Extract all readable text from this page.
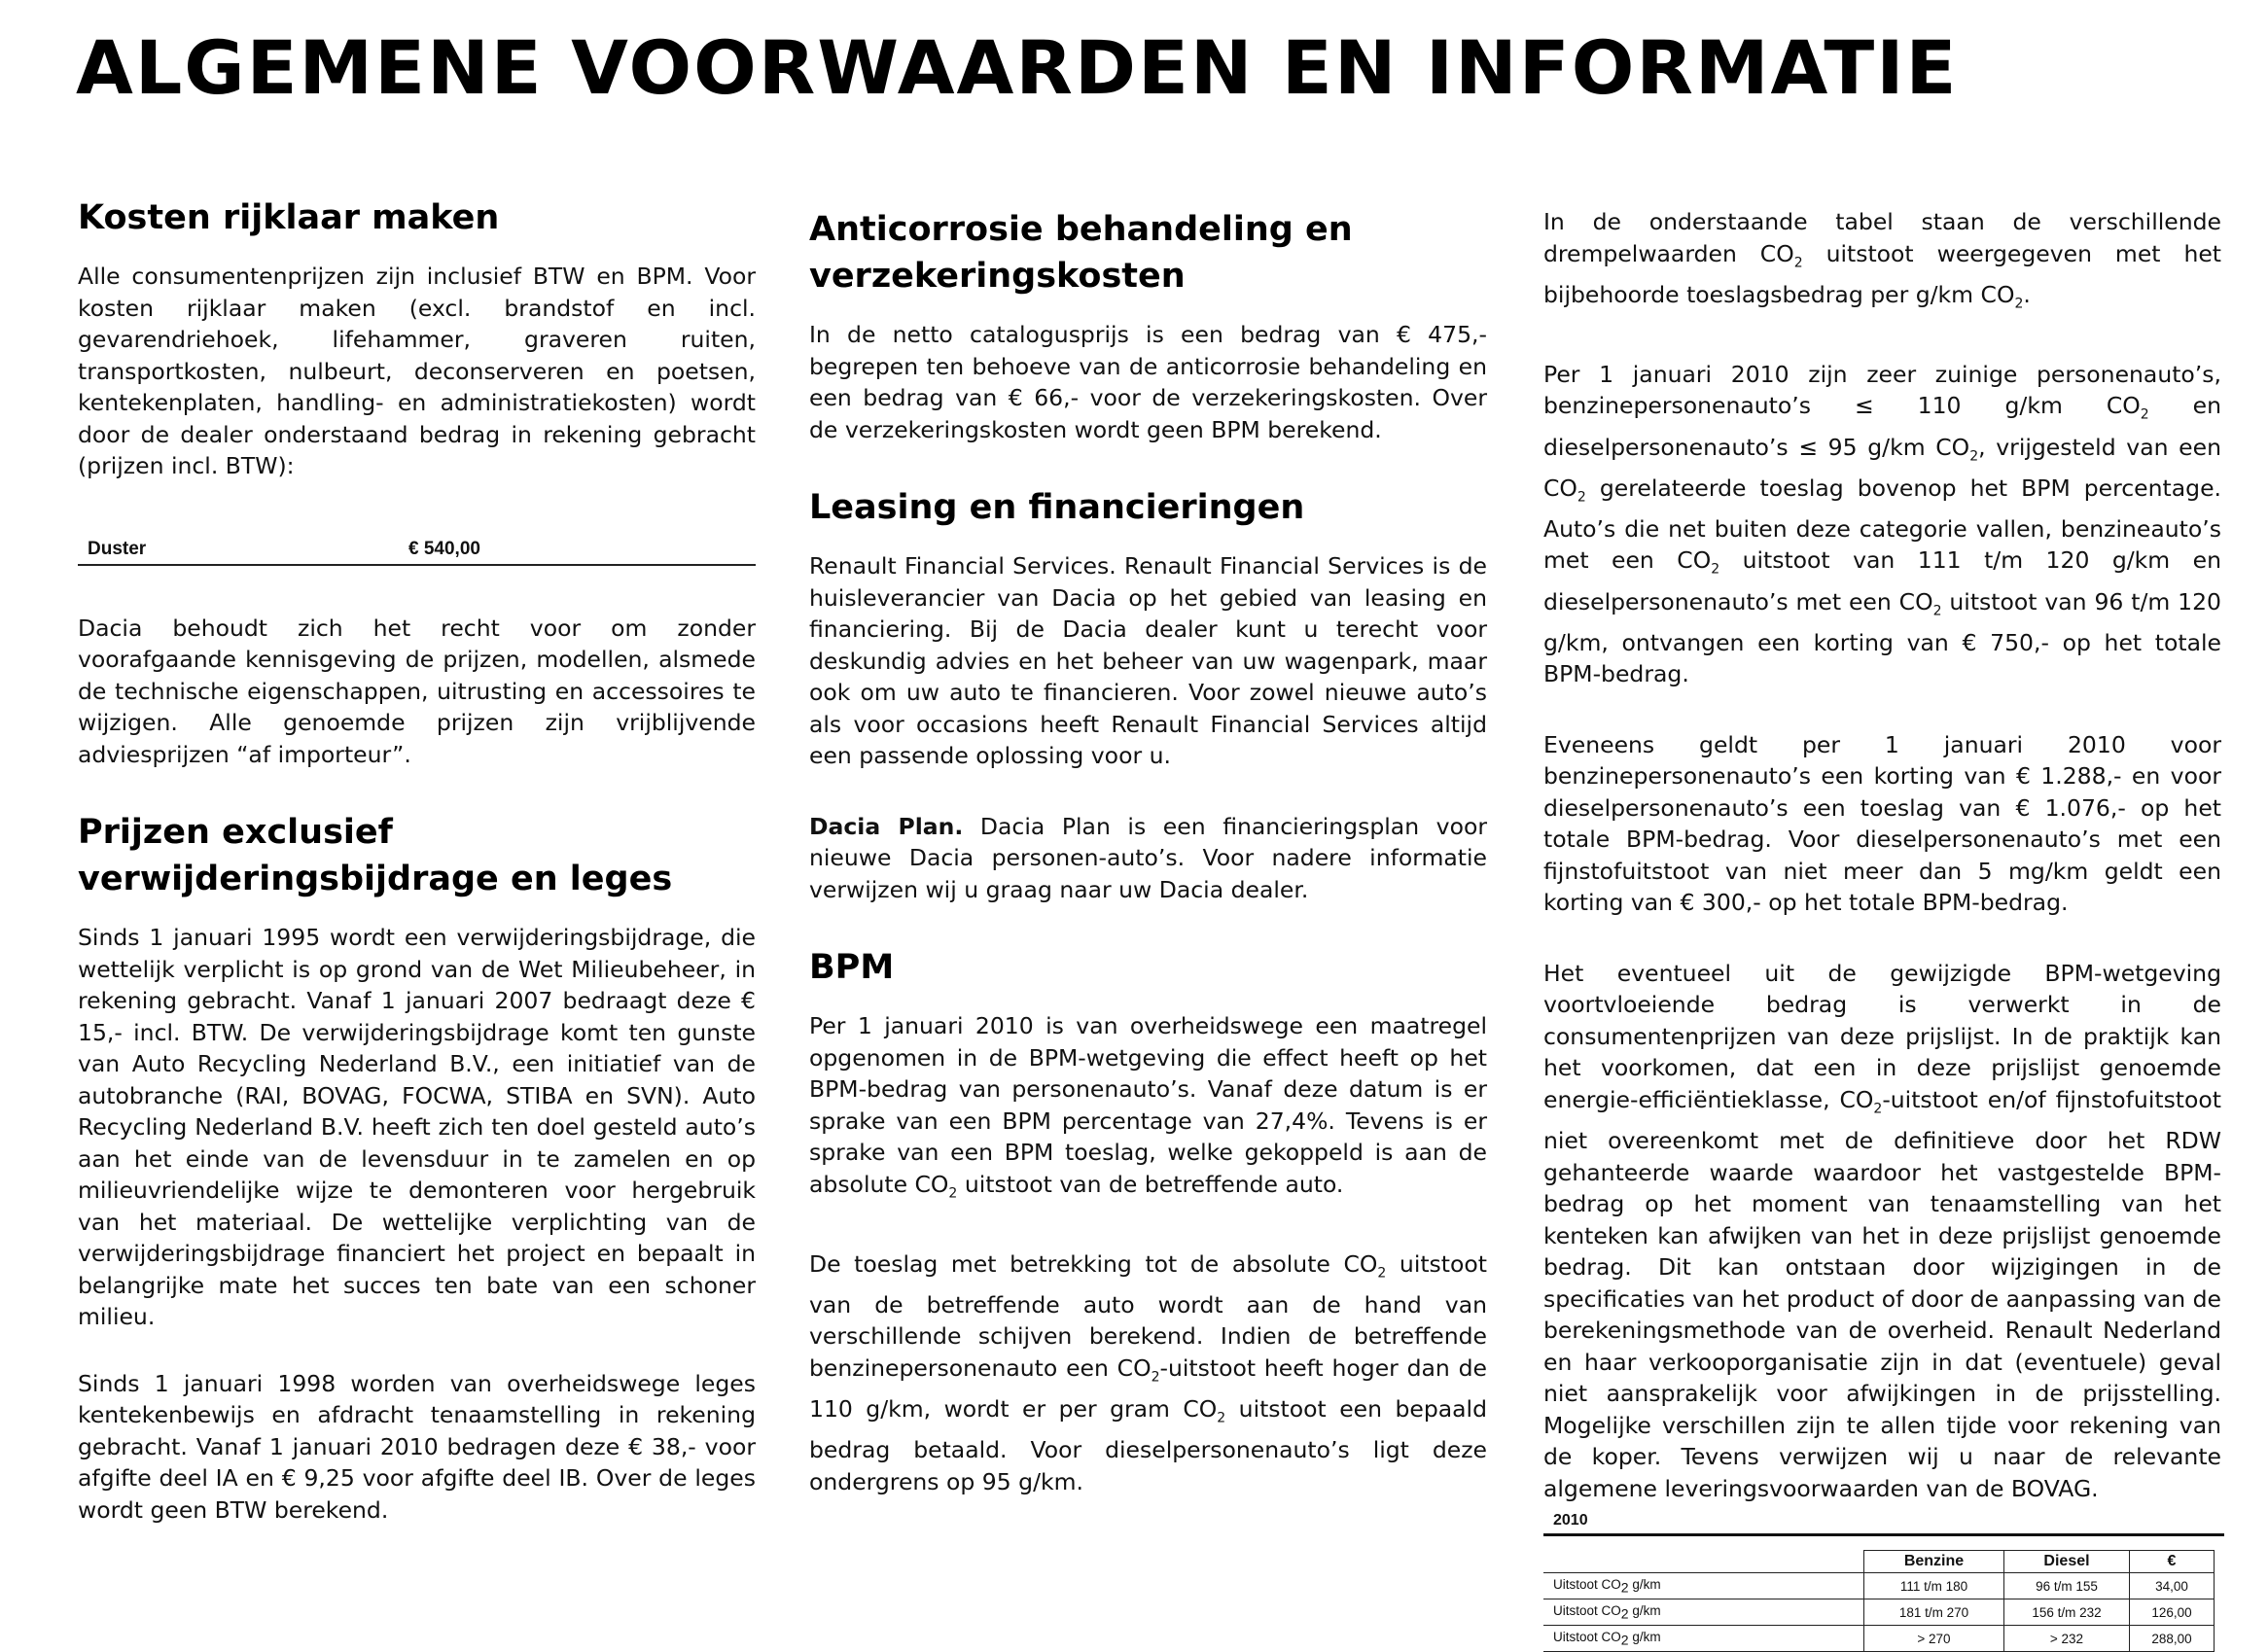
ALGEMENE VOORWAARDEN EN INFORMATIE
Kosten rijklaar maken

Alle consumentenprijzen zijn inclusief BTW en BPM. Voor kosten rijklaar maken (excl. brandstof en incl. gevarendriehoek, lifehammer, graveren ruiten, transportkosten, nulbeurt, deconserveren en poetsen, kentekenplaten, handling- en administratiekosten) wordt door de dealer onderstaand bedrag in rekening gebracht (prijzen incl. BTW):

Duster	€ 540,00

Dacia behoudt zich het recht voor om zonder voorafgaande kennisgeving de prijzen, modellen, alsmede de technische eigenschappen, uitrusting en accessoires te wijzigen. Alle genoemde prijzen zijn vrijblijvende adviesprijzen “af importeur”.

Prijzen exclusief verwijderingsbijdrage en leges

Sinds 1 januari 1995 wordt een verwijderingsbijdrage, die wettelijk verplicht is op grond van de Wet Milieubeheer, in rekening gebracht. Vanaf 1 januari 2007 bedraagt deze € 15,- incl. BTW. De verwijderingsbijdrage komt ten gunste van Auto Recycling Nederland B.V., een initiatief van de autobranche (RAI, BOVAG, FOCWA, STIBA en SVN). Auto Recycling Nederland B.V. heeft zich ten doel gesteld auto’s aan het einde van de levensduur in te zamelen en op milieuvriendelijke wijze te demonteren voor hergebruik van het materiaal. De wettelijke verplichting van de verwijderingsbijdrage financiert het project en bepaalt in belangrijke mate het succes ten bate van een schoner milieu.

Sinds 1 januari 1998 worden van overheidswege leges kentekenbewijs en afdracht tenaamstelling in rekening gebracht. Vanaf 1 januari 2010 bedragen deze € 38,- voor afgifte deel IA en € 9,25 voor afgifte deel IB. Over de leges wordt geen BTW berekend.

Anticorrosie behandeling en verzekeringskosten

In de netto catalogusprijs is een bedrag van € 475,- begrepen ten behoeve van de anticorrosie behandeling en een bedrag van € 66,- voor de verzekeringskosten. Over de verzekeringskosten wordt geen BPM berekend.

Leasing en financieringen

Renault Financial Services. Renault Financial Services is de huisleverancier van Dacia op het gebied van leasing en financiering. Bij de Dacia dealer kunt u terecht voor deskundig advies en het beheer van uw wagenpark, maar ook om uw auto te financieren. Voor zowel nieuwe auto’s als voor occasions heeft Renault Financial Services altijd een passende oplossing voor u.

Dacia Plan. Dacia Plan is een financieringsplan voor nieuwe Dacia personen-auto’s. Voor nadere informatie verwijzen wij u graag naar uw Dacia dealer.

BPM

Per 1 januari 2010 is van overheidswege een maatregel opgenomen in de BPM-wetgeving die effect heeft op het BPM-bedrag van personenauto’s. Vanaf deze datum is er sprake van een BPM percentage van 27,4%. Tevens is er sprake van een BPM toeslag, welke gekoppeld is aan de absolute $CO_2$ uitstoot van de betreffende auto.

De toeslag met betrekking tot de absolute $CO_2$ uitstoot van de betreffende auto wordt aan de hand van verschillende schijven berekend. Indien de betreffende benzinepersonenauto een $CO_2$-uitstoot heeft hoger dan de 110 g/km, wordt er per gram $CO_2$ uitstoot een bepaald bedrag betaald. Voor dieselpersonenauto’s ligt deze ondergrens op 95 g/km.

In de onderstaande tabel staan de verschillende drempelwaarden $CO_2$ uitstoot weergegeven met het bijbehoorde toeslagsbedrag per g/km $CO_2$.

Per 1 januari 2010 zijn zeer zuinige personenauto’s, benzinepersonenauto’s ≤ 110 g/km $CO_2$ en dieselpersonenauto’s ≤ 95 g/km $CO_2$, vrijgesteld van een $CO_2$ gerelateerde toeslag bovenop het BPM percentage. Auto’s die net buiten deze categorie vallen, benzineauto’s met een $CO_2$ uitstoot van 111 t/m 120 g/km en dieselpersonenauto’s met een $CO_2$ uitstoot van 96 t/m 120 g/km, ontvangen een korting van € 750,- op het totale BPM-bedrag.

Eveneens geldt per 1 januari 2010 voor benzinepersonenauto’s een korting van € 1.288,- en voor dieselpersonenauto’s een toeslag van € 1.076,- op het totale BPM-bedrag. Voor dieselpersonenauto’s met een fijnstofuitstoot van niet meer dan 5 mg/km geldt een korting van € 300,- op het totale BPM-bedrag.

Het eventueel uit de gewijzigde BPM-wetgeving voortvloeiende bedrag is verwerkt in de consumentenprijzen van deze prijslijst. In de praktijk kan het voorkomen, dat een in deze prijslijst genoemde energie-efficiëntieklasse, $CO_2$-uitstoot en/of fijnstofuitstoot niet overeenkomt met de definitieve door het RDW gehanteerde waarde waardoor het vastgestelde BPM-bedrag op het moment van tenaamstelling van het kenteken kan afwijken van het in deze prijslijst genoemde bedrag. Dit kan ontstaan door wijzigingen in de specificaties van het product of door de aanpassing van de berekeningsmethode van de overheid. Renault Nederland en haar verkooporganisatie zijn in dat (eventuele) geval niet aansprakelijk voor afwijkingen in de prijsstelling. Mogelijke verschillen zijn te allen tijde voor rekening van de koper. Tevens verwijzen wij u naar de relevante algemene leveringsvoorwaarden van de BOVAG.

2010
	Benzine	Diesel	€
Uitstoot $CO_2$ g/km	111 t/m 180	96 t/m 155	34,00
Uitstoot $CO_2$ g/km	181 t/m 270	156 t/m 232	126,00
Uitstoot $CO_2$ g/km	> 270	> 232	288,00
